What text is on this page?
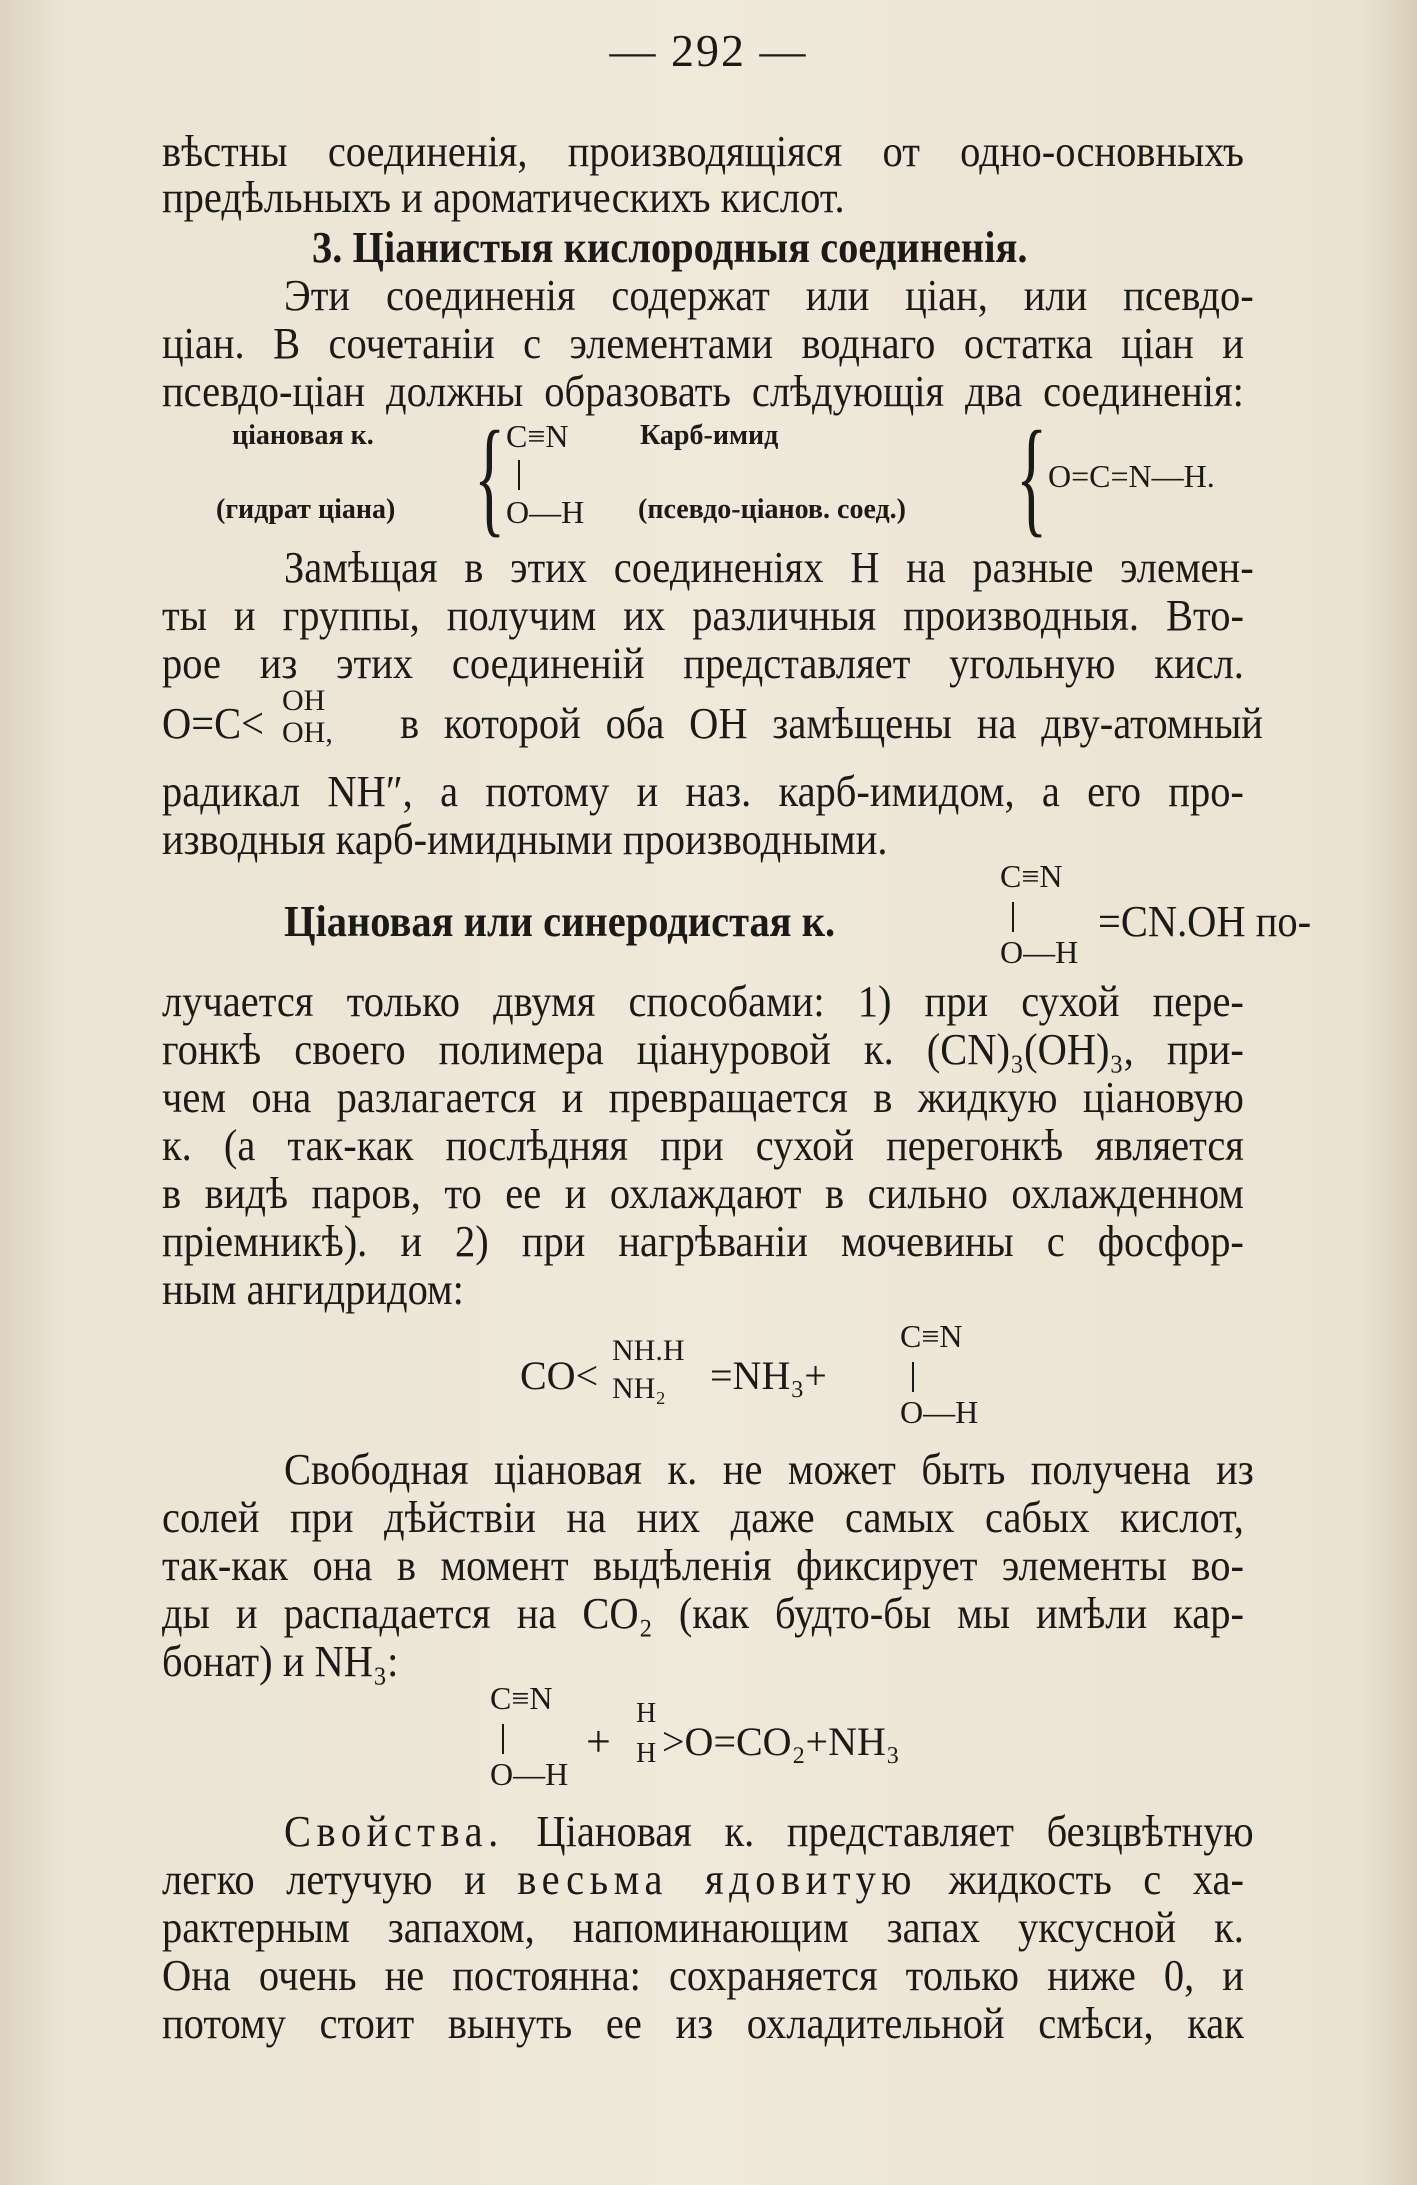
— 292 —
вѣстны соединенія, производящіяся от одно-основныхъ
предѣльныхъ и ароматическихъ кислот.
3. Ціанистыя кислородныя соединенія.
Эти соединенія содержат или ціан, или псевдо-
ціан. В сочетаніи с элементами воднаго остатка ціан и
псевдо-ціан должны образовать слѣдующія два соединенія:
ціановая к.
(гидрат ціана) { C≡N
O—H
Карб-имид
(псевдо-ціанов. соед.) { O=C=N—H.
Замѣщая в этих соединеніях H на разные элемен-
ты и группы, получим их различныя производныя. Вто-
рое из этих соединеній представляет угольную кисл.
O=C< OH
OH, в которой оба OH замѣщены на дву-атомный
радикал NH″, а потому и наз. карб-имидом, а его про-
изводныя карб-имидными производными.
Ціановая или синеродистая к.
C≡N
O—H
=CN.OH по-
лучается только двумя способами: 1) при сухой пере-
гонкѣ своего полимера ціануровой к. (CN)₃(OH)₃, при-
чем она разлагается и превращается в жидкую ціановую
к. (а так-как послѣдняя при сухой перегонкѣ является
в видѣ паров, то ее и охлаждают в сильно охлажденном
пріемникѣ). и 2) при нагрѣваніи мочевины с фосфор-
ным ангидридом:
CO<
NH.H
NH₂ =NH₃+
C≡N
O—H
Свободная ціановая к. не может быть получена из
солей при дѣйствіи на них даже самых сабых кислот,
так-как она в момент выдѣленія фиксирует элементы во-
ды и распадается на CO₂ (как будто-бы мы имѣли кар-
бонат) и NH₃:
C≡N
O—H
+
H
H >O=CO₂+NH₃
Свойства. Ціановая к. представляет безцвѣтную
легко летучую и весьма ядовитую жидкость с ха-
рактерным запахом, напоминающим запах уксусной к.
Она очень не постоянна: сохраняется только ниже 0, и
потому стоит вынуть ее из охладительной смѣси, как
